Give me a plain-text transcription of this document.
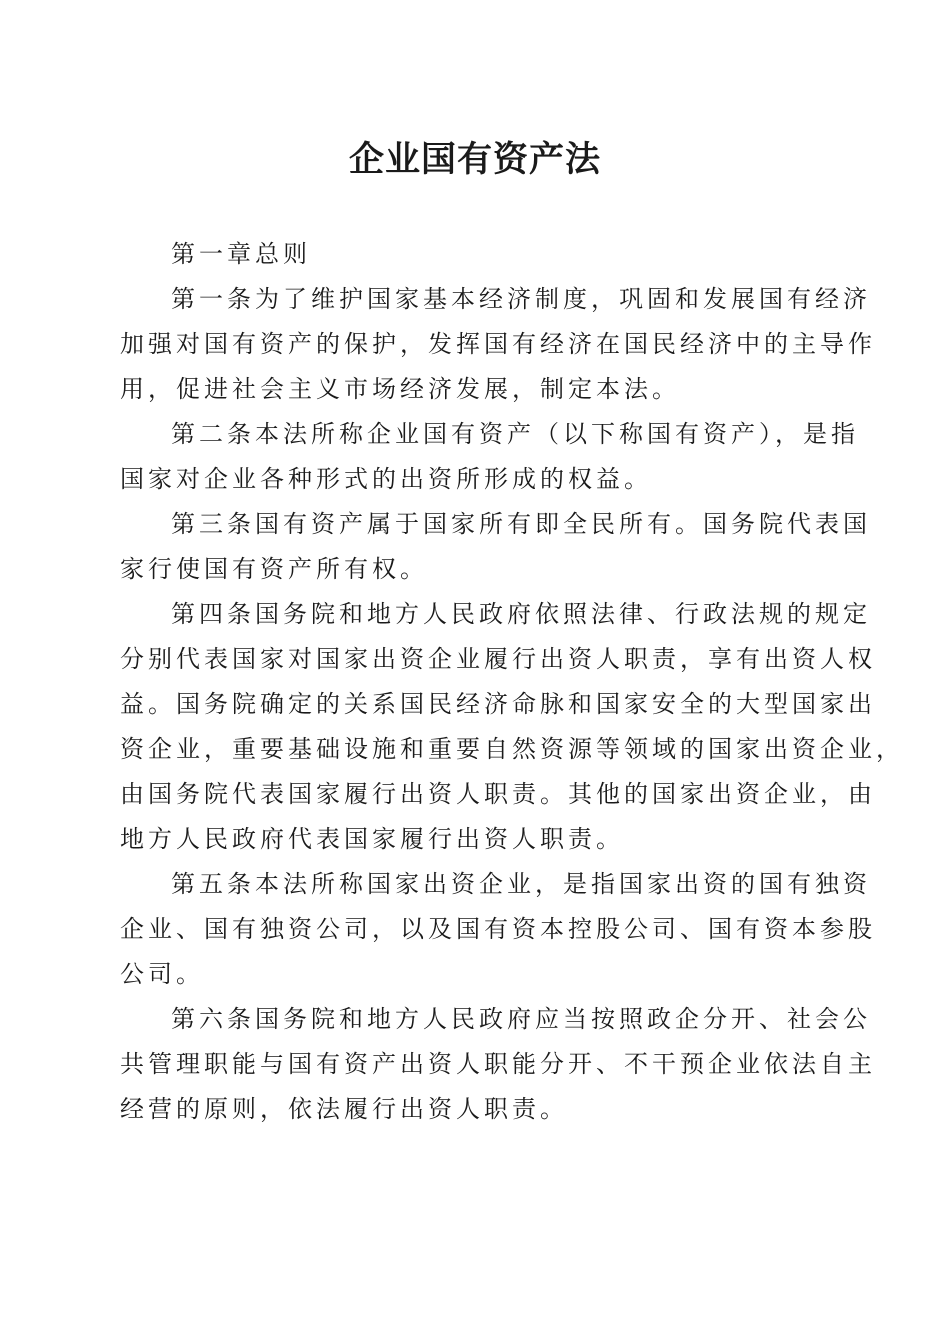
企业国有资产法

第一章总则

第一条为了维护国家基本经济制度，巩固和发展国有经济
加强对国有资产的保护，发挥国有经济在国民经济中的主导作
用，促进社会主义市场经济发展，制定本法。

第二条本法所称企业国有资产（以下称国有资产），是指
国家对企业各种形式的出资所形成的权益。

第三条国有资产属于国家所有即全民所有。国务院代表国
家行使国有资产所有权。

第四条国务院和地方人民政府依照法律、行政法规的规定
分别代表国家对国家出资企业履行出资人职责，享有出资人权
益。国务院确定的关系国民经济命脉和国家安全的大型国家出
资企业，重要基础设施和重要自然资源等领域的国家出资企业，
由国务院代表国家履行出资人职责。其他的国家出资企业，由
地方人民政府代表国家履行出资人职责。

第五条本法所称国家出资企业，是指国家出资的国有独资
企业、国有独资公司，以及国有资本控股公司、国有资本参股
公司。

第六条国务院和地方人民政府应当按照政企分开、社会公
共管理职能与国有资产出资人职能分开、不干预企业依法自主
经营的原则，依法履行出资人职责。
